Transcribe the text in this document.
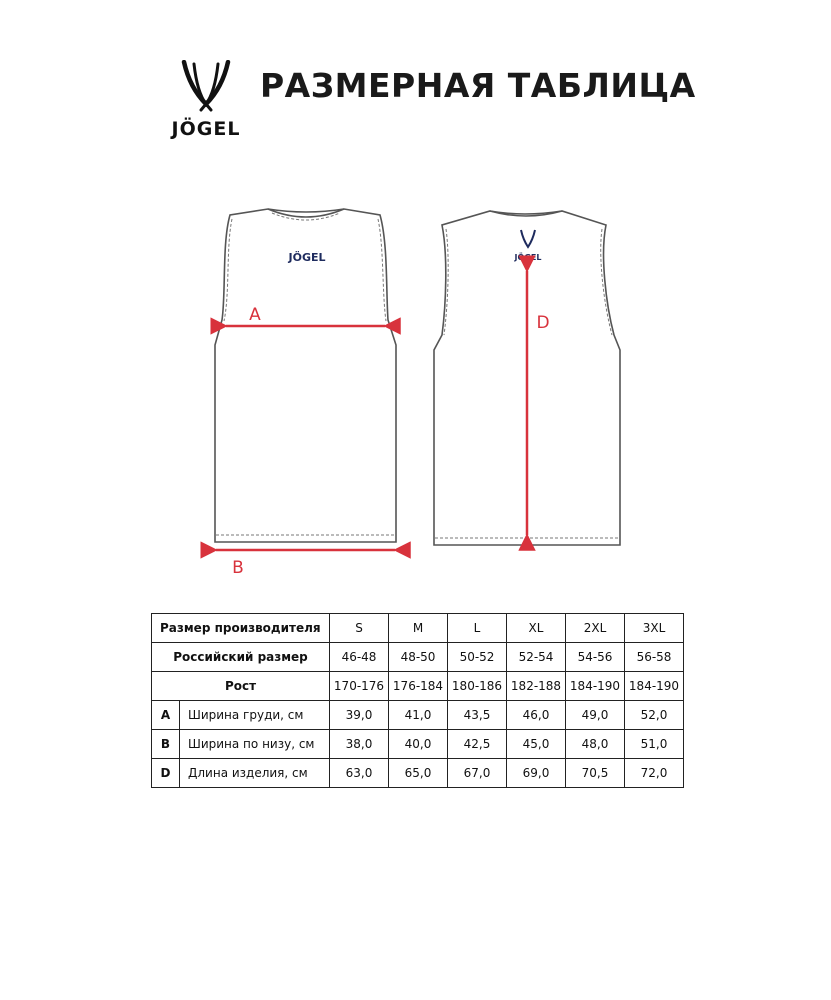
JÖGEL
РАЗМЕРНАЯ ТАБЛИЦА
JÖGEL
A
B
JÖGEL
D
Размер производителя		S	M	L	XL	2XL	3XL
Российский размер		46-48	48-50	50-52	52-54	54-56	56-58
Рост		170-176	176-184	180-186	182-188	184-190	184-190
A	Ширина груди, см	39,0	41,0	43,5	46,0	49,0	52,0
B	Ширина по низу, см	38,0	40,0	42,5	45,0	48,0	51,0
D	Длина изделия, см	63,0	65,0	67,0	69,0	70,5	72,0
